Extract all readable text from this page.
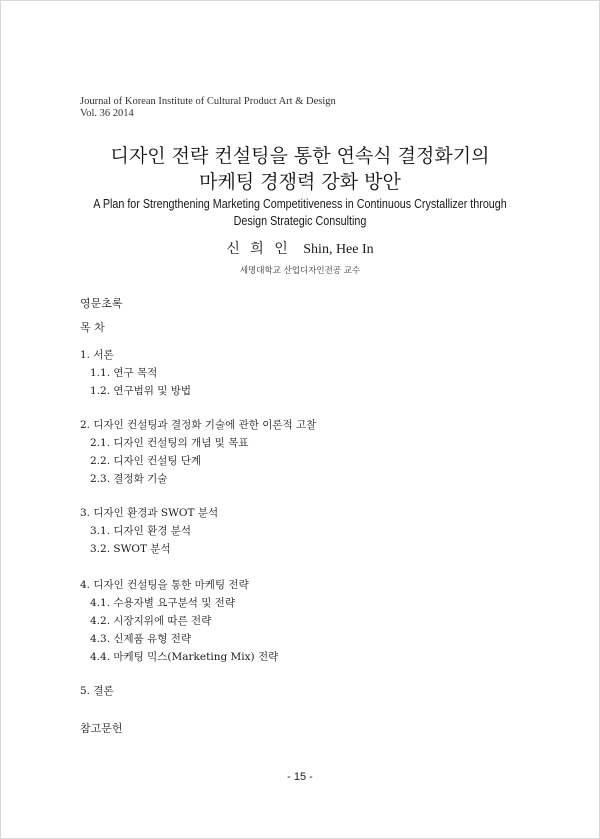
Journal of Korean Institute of Cultural Product Art & Design
Vol. 36 2014
디자인 전략 컨설팅을 통한 연속식 결정화기의
마케팅 경쟁력 강화 방안
A Plan for Strengthening Marketing Competitiveness in Continuous Crystallizer through
Design Strategic Consulting
신 희 인 Shin, Hee In
세명대학교 산업디자인전공 교수
영문초록
목 차
1. 서론
1.1. 연구 목적
1.2. 연구범위 및 방법
2. 디자인 컨설팅과 결정화 기술에 관한 이론적 고찰
2.1. 디자인 컨설팅의 개념 및 목표
2.2. 디자인 컨설팅 단계
2.3. 결정화 기술
3. 디자인 환경과 SWOT 분석
3.1. 디자인 환경 분석
3.2. SWOT 분석
4. 디자인 컨설팅을 통한 마케팅 전략
4.1. 수용자별 요구분석 및 전략
4.2. 시장지위에 따른 전략
4.3. 신제품 유형 전략
4.4. 마케팅 믹스(Marketing Mix) 전략
5. 결론
참고문헌
- 15 -
